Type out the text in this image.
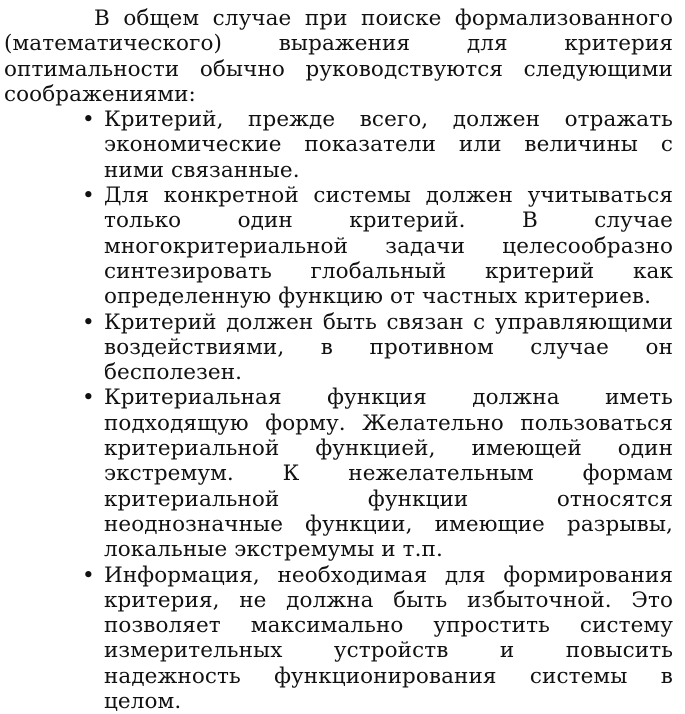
В общем случае при поиске формализованного (математического) выражения для критерия оптимальности обычно руководствуются следующими соображениями:

• Критерий, прежде всего, должен отражать экономические показатели или величины с ними связанные.
• Для конкретной системы должен учитываться только один критерий. В случае многокритериальной задачи целесообразно синтезировать глобальный критерий как определенную функцию от частных критериев.
• Критерий должен быть связан с управляющими воздействиями, в противном случае он бесполезен.
• Критериальная функция должна иметь подходящую форму. Желательно пользоваться критериальной функцией, имеющей один экстремум. К нежелательным формам критериальной функции относятся неоднозначные функции, имеющие разрывы, локальные экстремумы и т.п.
• Информация, необходимая для формирования критерия, не должна быть избыточной. Это позволяет максимально упростить систему измерительных устройств и повысить надежность функционирования системы в целом.
